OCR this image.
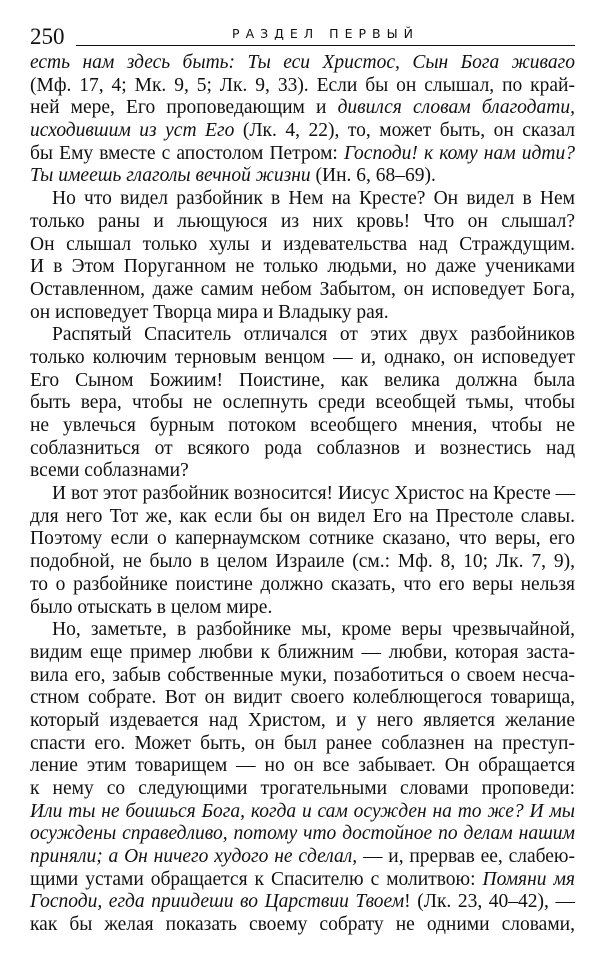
250	РАЗДЕЛ ПЕРВЫЙ
есть нам здесь быть: Ты еси Христос, Сын Бога живаго
(Мф. 17, 4; Мк. 9, 5; Лк. 9, 33). Если бы он слышал, по край-
ней мере, Его проповедающим и дивился словам благодати,
исходившим из уст Его (Лк. 4, 22), то, может быть, он сказал
бы Ему вместе с апостолом Петром: Господи! к кому нам идти?
Ты имеешь глаголы вечной жизни (Ин. 6, 68–69).
Но что видел разбойник в Нем на Кресте? Он видел в Нем
только раны и льющуюся из них кровь! Что он слышал?
Он слышал только хулы и издевательства над Страждущим.
И в Этом Поруганном не только людьми, но даже учениками
Оставленном, даже самим небом Забытом, он исповедует Бога,
он исповедует Творца мира и Владыку рая.
Распятый Спаситель отличался от этих двух разбойников
только колючим терновым венцом — и, однако, он исповедует
Его Сыном Божиим! Поистине, как велика должна была
быть вера, чтобы не ослепнуть среди всеобщей тьмы, чтобы
не увлечься бурным потоком всеобщего мнения, чтобы не
соблазниться от всякого рода соблазнов и вознестись над
всеми соблазнами?
И вот этот разбойник возносится! Иисус Христос на Кресте —
для него Тот же, как если бы он видел Его на Престоле славы.
Поэтому если о капернаумском сотнике сказано, что веры, его
подобной, не было в целом Израиле (см.: Мф. 8, 10; Лк. 7, 9),
то о разбойнике поистине должно сказать, что его веры нельзя
было отыскать в целом мире.
Но, заметьте, в разбойнике мы, кроме веры чрезвычайной,
видим еще пример любви к ближним — любви, которая заста-
вила его, забыв собственные муки, позаботиться о своем несча-
стном собрате. Вот он видит своего колеблющегося товарища,
который издевается над Христом, и у него является желание
спасти его. Может быть, он был ранее соблазнен на преступ-
ление этим товарищем — но он все забывает. Он обращается
к нему со следующими трогательными словами проповеди:
Или ты не боишься Бога, когда и сам осужден на то же? И мы
осуждены справедливо, потому что достойное по делам нашим
приняли; а Он ничего худого не сделал, — и, прервав ее, слабею-
щими устами обращается к Спасителю с молитвою: Помяни мя
Господи, егда приидеши во Царствии Твоем! (Лк. 23, 40–42), —
как бы желая показать своему собрату не одними словами,
